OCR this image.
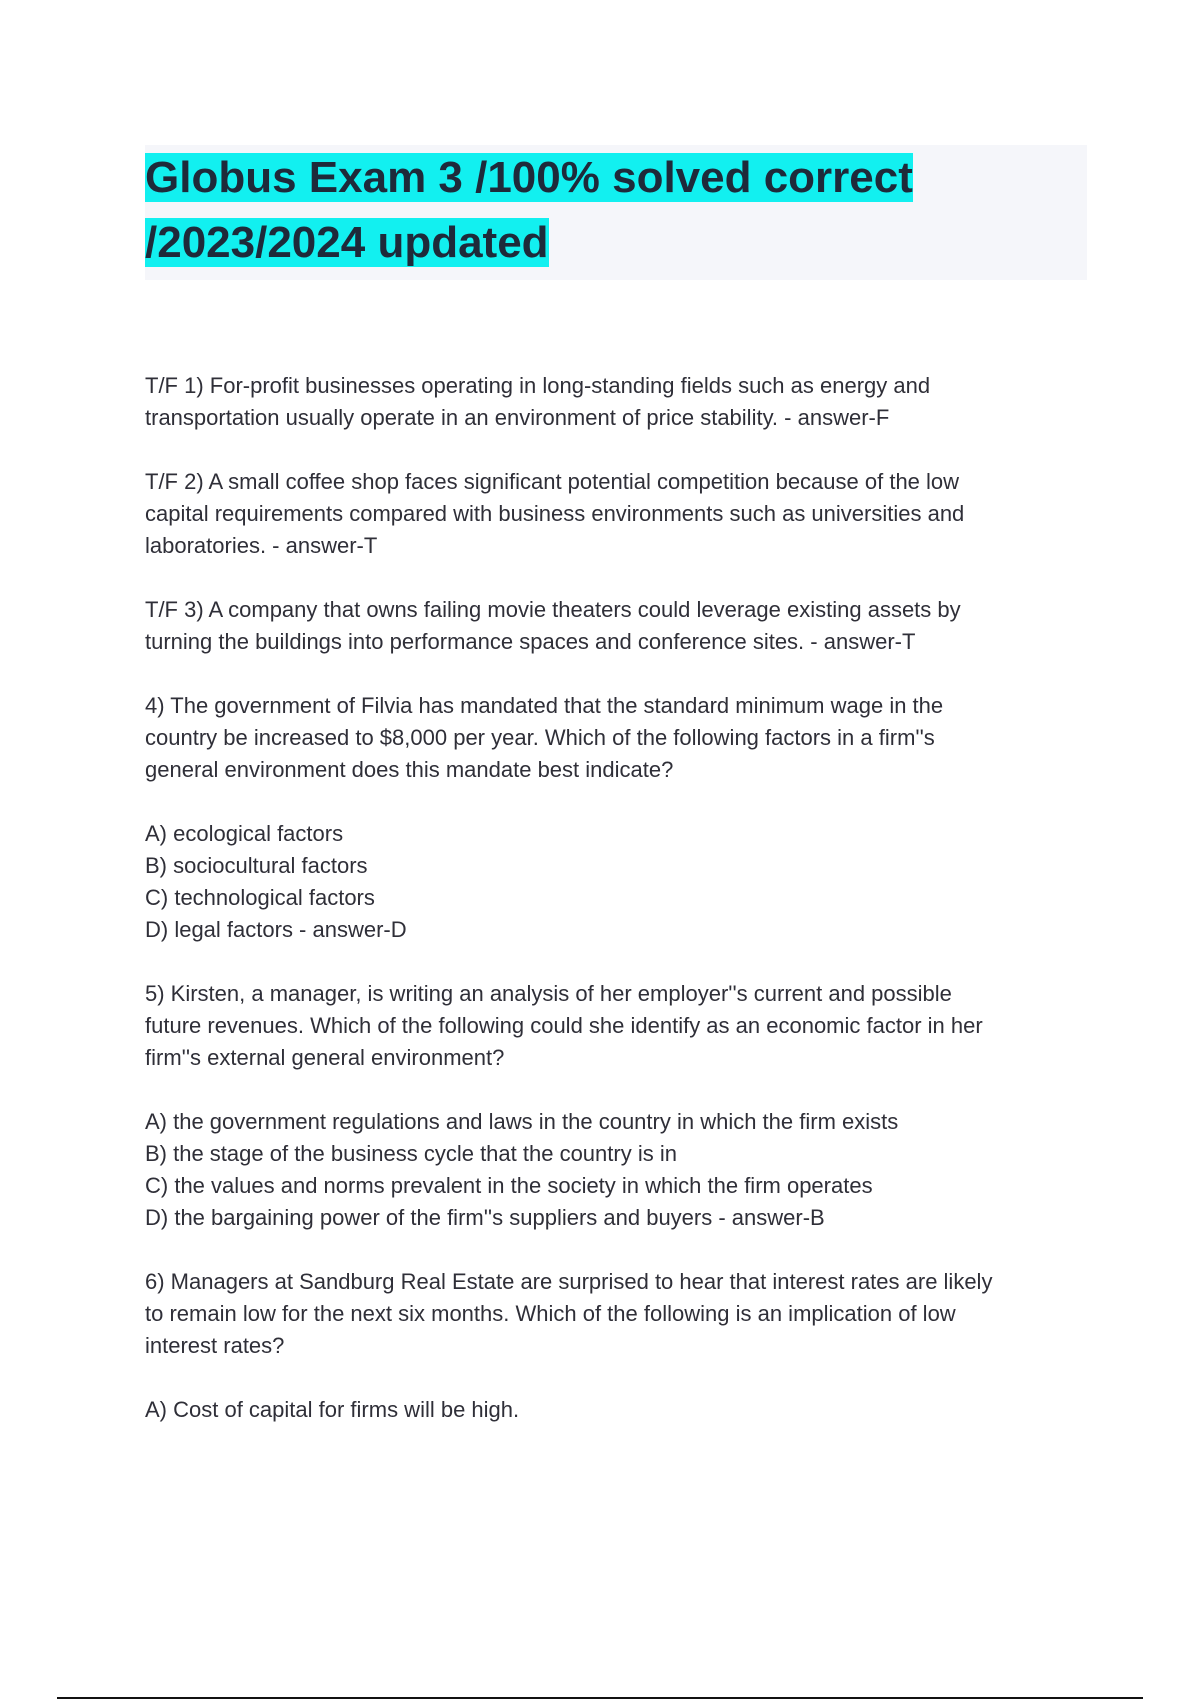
Globus Exam 3 /100% solved correct /2023/2024 updated

T/F 1) For-profit businesses operating in long-standing fields such as energy and
transportation usually operate in an environment of price stability. - answer-F

T/F 2) A small coffee shop faces significant potential competition because of the low
capital requirements compared with business environments such as universities and
laboratories. - answer-T

T/F 3) A company that owns failing movie theaters could leverage existing assets by
turning the buildings into performance spaces and conference sites. - answer-T

4) The government of Filvia has mandated that the standard minimum wage in the
country be increased to $8,000 per year. Which of the following factors in a firm''s
general environment does this mandate best indicate?

A) ecological factors
B) sociocultural factors
C) technological factors
D) legal factors - answer-D

5) Kirsten, a manager, is writing an analysis of her employer''s current and possible
future revenues. Which of the following could she identify as an economic factor in her
firm''s external general environment?

A) the government regulations and laws in the country in which the firm exists
B) the stage of the business cycle that the country is in
C) the values and norms prevalent in the society in which the firm operates
D) the bargaining power of the firm''s suppliers and buyers - answer-B

6) Managers at Sandburg Real Estate are surprised to hear that interest rates are likely
to remain low for the next six months. Which of the following is an implication of low
interest rates?

A) Cost of capital for firms will be high.
